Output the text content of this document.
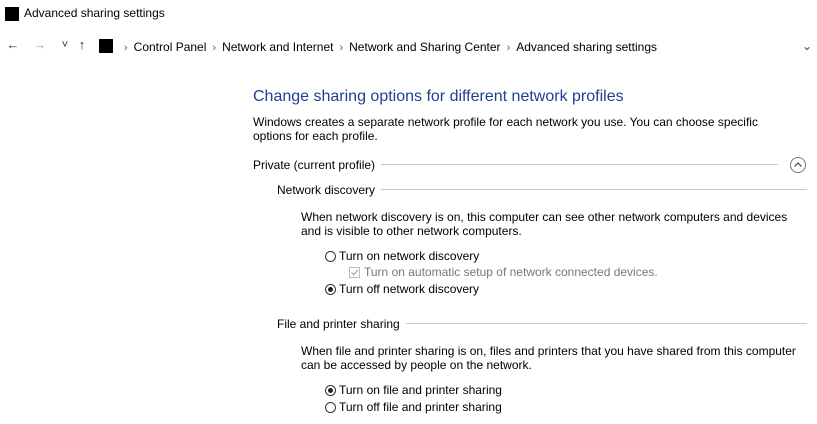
Advanced sharing settings
← →	˅ ↑	› Control Panel › Network and Internet › Network and Sharing Center › Advanced sharing settings	⌄
Change sharing options for different network profiles
Windows creates a separate network profile for each network you use. You can choose specific options for each profile.
Private (current profile)
Network discovery
When network discovery is on, this computer can see other network computers and devices and is visible to other network computers.
Turn on network discovery
Turn on automatic setup of network connected devices.
Turn off network discovery
File and printer sharing
When file and printer sharing is on, files and printers that you have shared from this computer can be accessed by people on the network.
Turn on file and printer sharing
Turn off file and printer sharing
